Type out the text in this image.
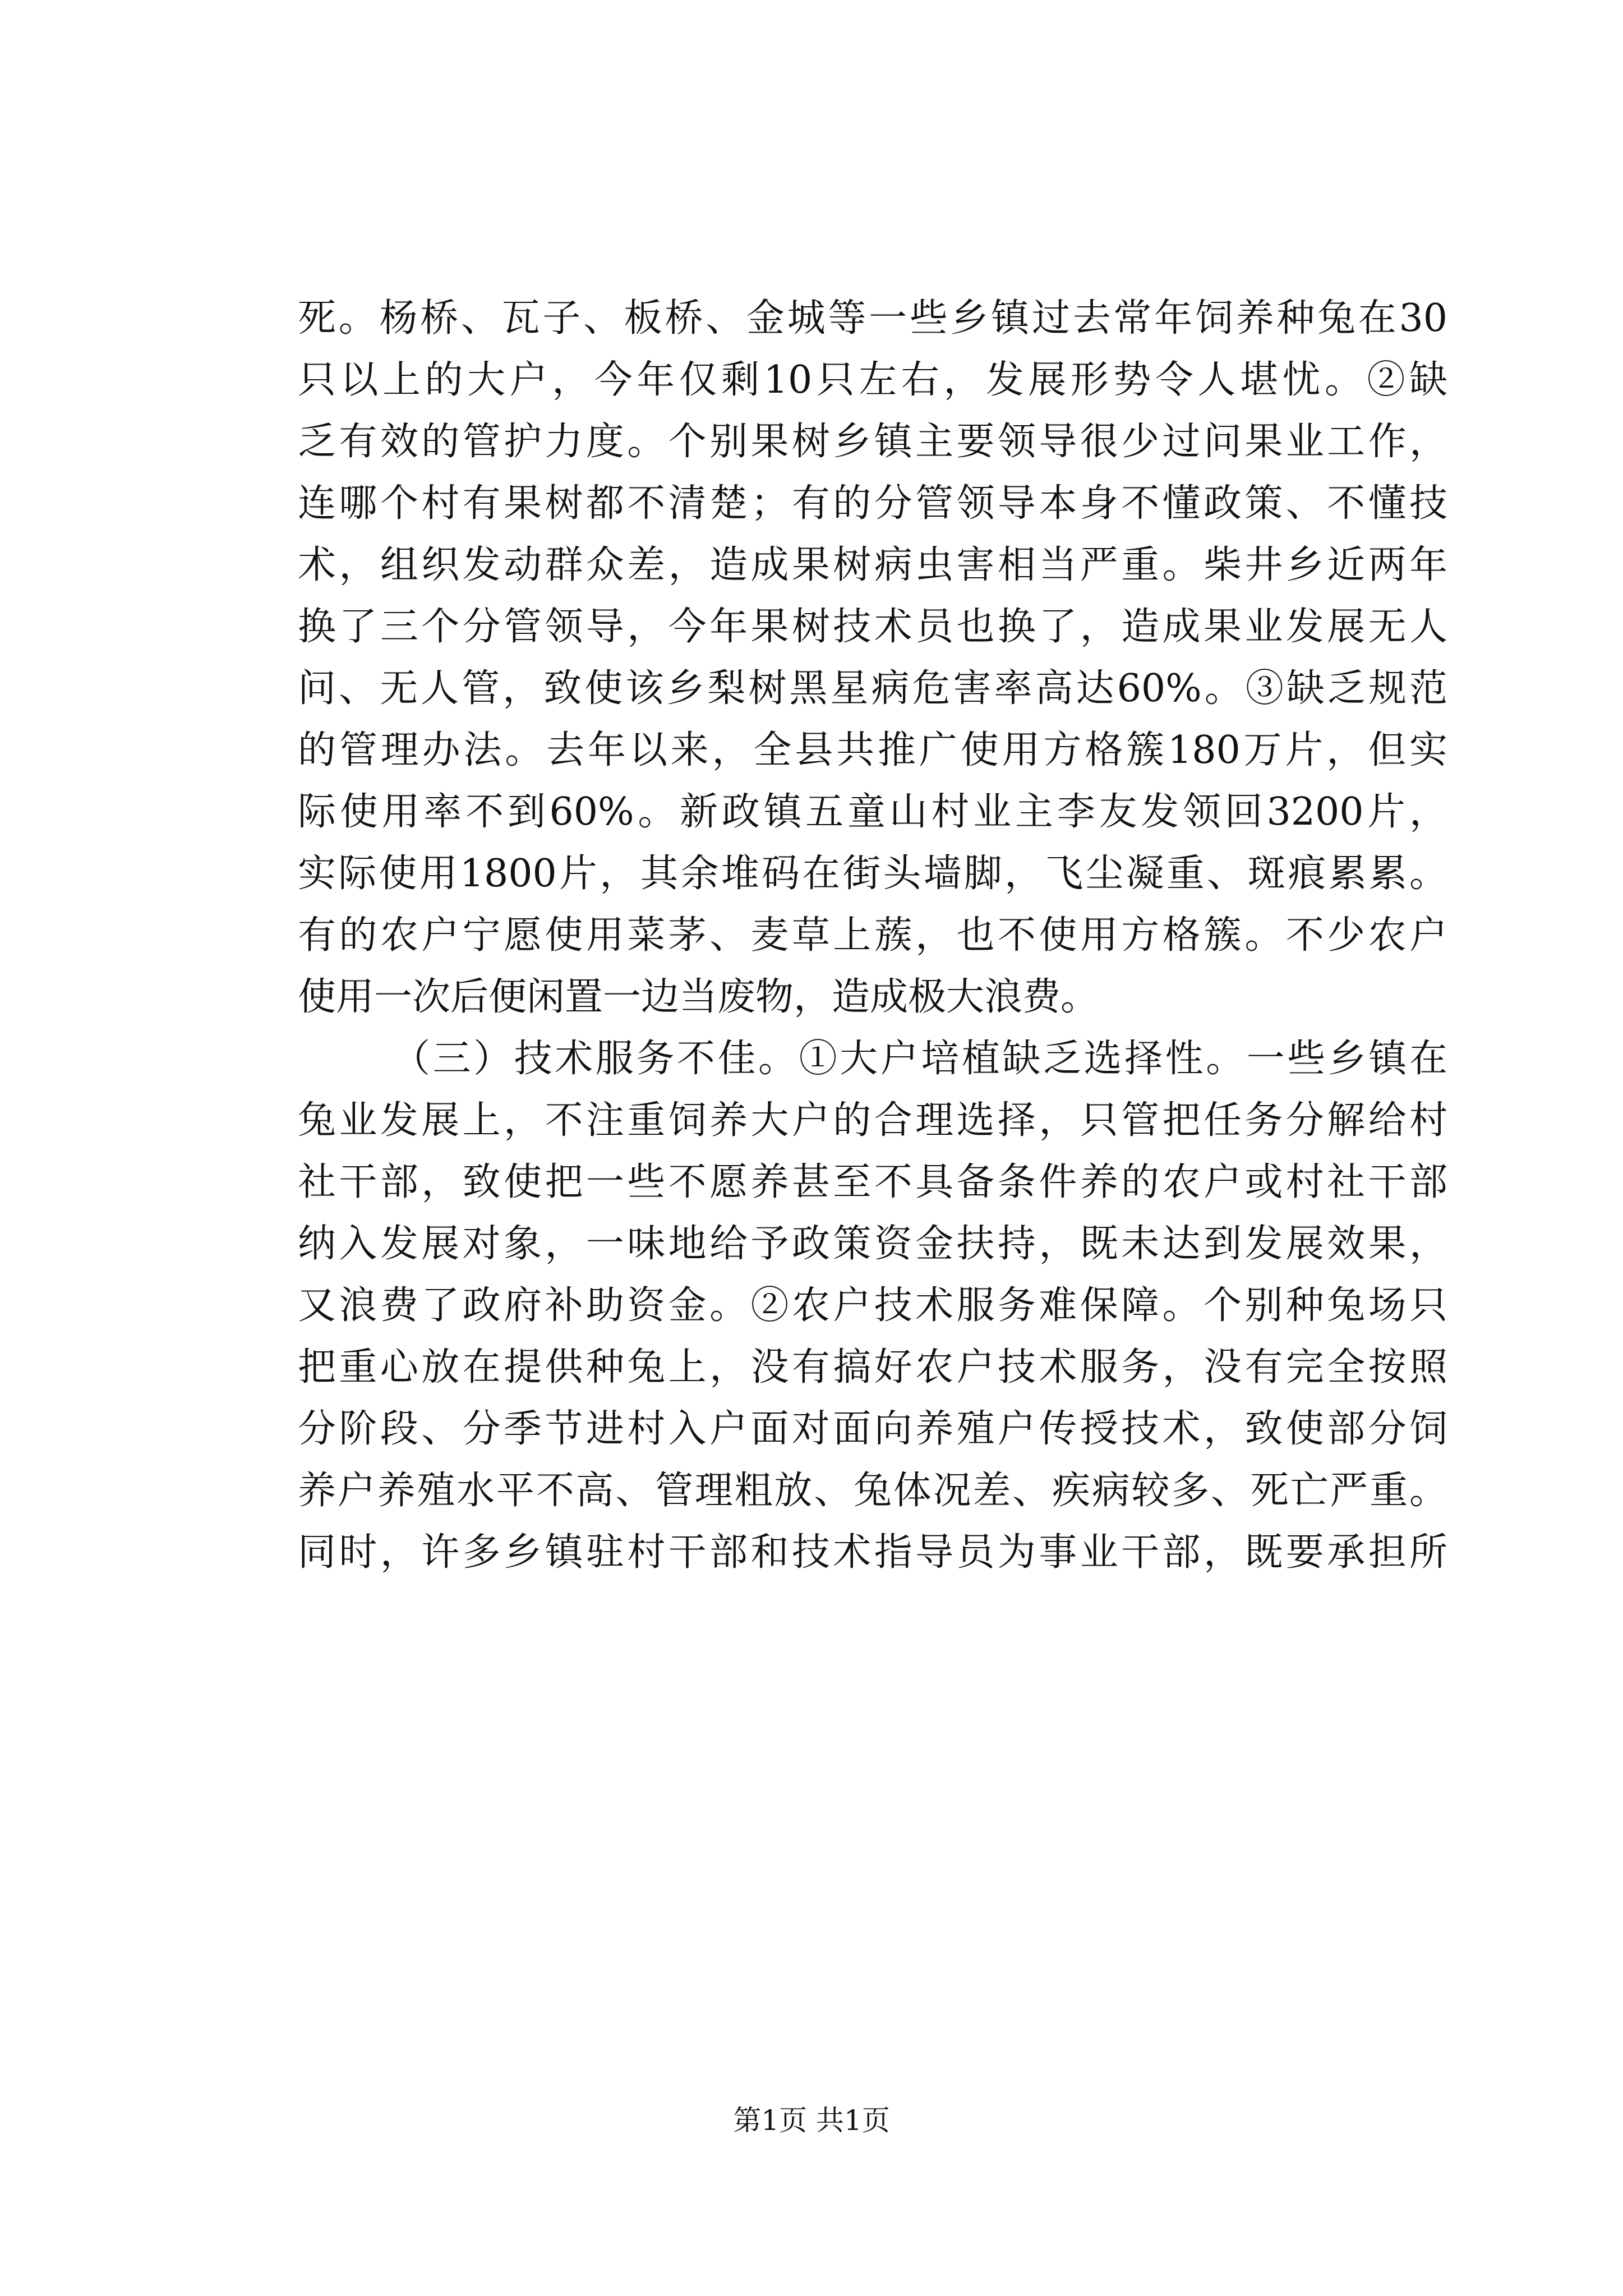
死。杨桥、瓦子、板桥、金城等一些乡镇过去常年饲养种兔在30
只以上的大户，今年仅剩10只左右，发展形势令人堪忧。②缺
乏有效的管护力度。个别果树乡镇主要领导很少过问果业工作，
连哪个村有果树都不清楚；有的分管领导本身不懂政策、不懂技
术，组织发动群众差，造成果树病虫害相当严重。柴井乡近两年
换了三个分管领导，今年果树技术员也换了，造成果业发展无人
问、无人管，致使该乡梨树黑星病危害率高达60%。③缺乏规范
的管理办法。去年以来，全县共推广使用方格簇180万片，但实
际使用率不到60%。新政镇五童山村业主李友发领回3200片，
实际使用1800片，其余堆码在街头墙脚，飞尘凝重、斑痕累累。
有的农户宁愿使用菜茅、麦草上蔟，也不使用方格簇。不少农户
使用一次后便闲置一边当废物，造成极大浪费。
（三）技术服务不佳。①大户培植缺乏选择性。一些乡镇在
兔业发展上，不注重饲养大户的合理选择，只管把任务分解给村
社干部，致使把一些不愿养甚至不具备条件养的农户或村社干部
纳入发展对象，一味地给予政策资金扶持，既未达到发展效果，
又浪费了政府补助资金。②农户技术服务难保障。个别种兔场只
把重心放在提供种兔上，没有搞好农户技术服务，没有完全按照
分阶段、分季节进村入户面对面向养殖户传授技术，致使部分饲
养户养殖水平不高、管理粗放、兔体况差、疾病较多、死亡严重。
同时，许多乡镇驻村干部和技术指导员为事业干部，既要承担所
第1页 共1页
